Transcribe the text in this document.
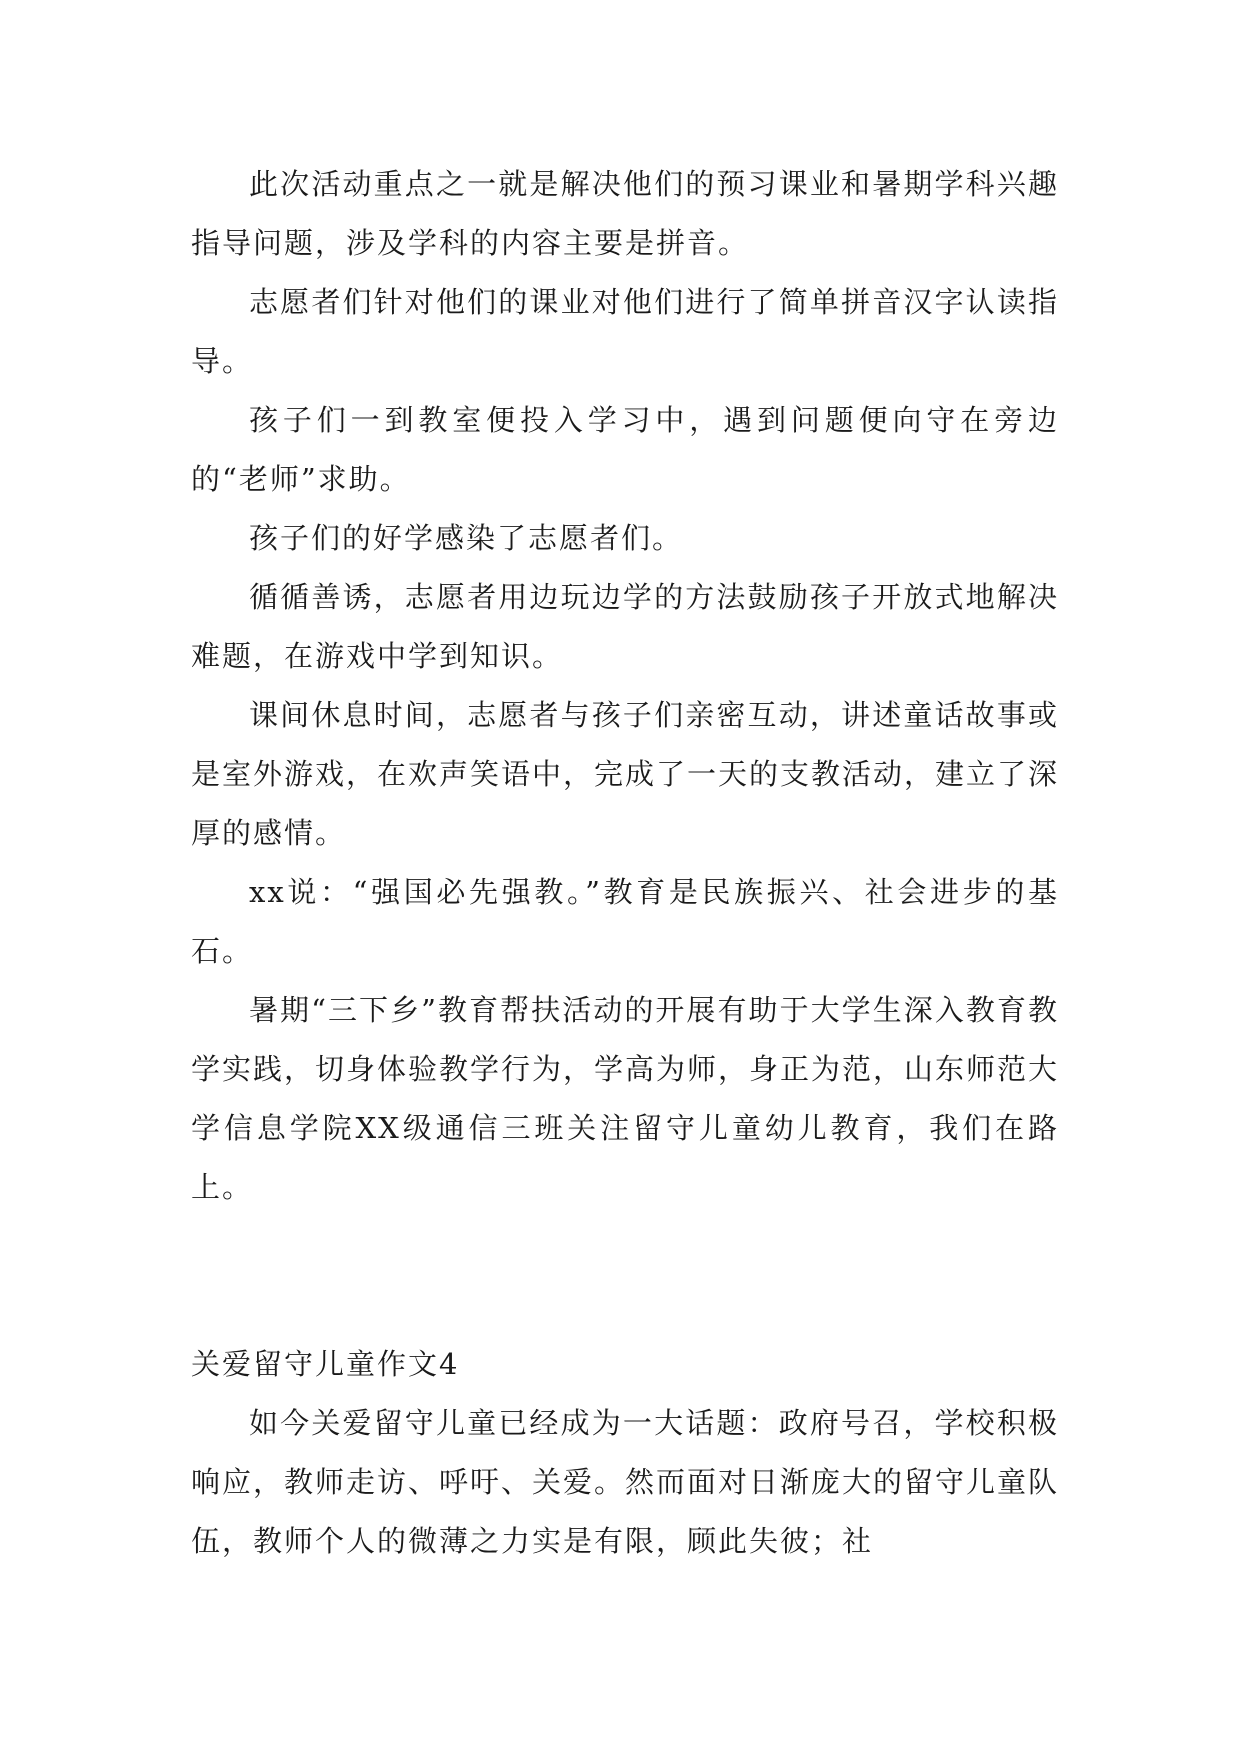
此次活动重点之一就是解决他们的预习课业和暑期学科兴趣指导问题，涉及学科的内容主要是拼音。

志愿者们针对他们的课业对他们进行了简单拼音汉字认读指导。

孩子们一到教室便投入学习中，遇到问题便向守在旁边的“老师”求助。

孩子们的好学感染了志愿者们。

循循善诱，志愿者用边玩边学的方法鼓励孩子开放式地解决难题，在游戏中学到知识。

课间休息时间，志愿者与孩子们亲密互动，讲述童话故事或是室外游戏，在欢声笑语中，完成了一天的支教活动，建立了深厚的感情。

xx说：“强国必先强教。”教育是民族振兴、社会进步的基石。

暑期“三下乡”教育帮扶活动的开展有助于大学生深入教育教学实践，切身体验教学行为，学高为师，身正为范，山东师范大学信息学院XX级通信三班关注留守儿童幼儿教育，我们在路上。

关爱留守儿童作文4

如今关爱留守儿童已经成为一大话题：政府号召，学校积极响应，教师走访、呼吁、关爱。然而面对日渐庞大的留守儿童队伍，教师个人的微薄之力实是有限，顾此失彼；社
